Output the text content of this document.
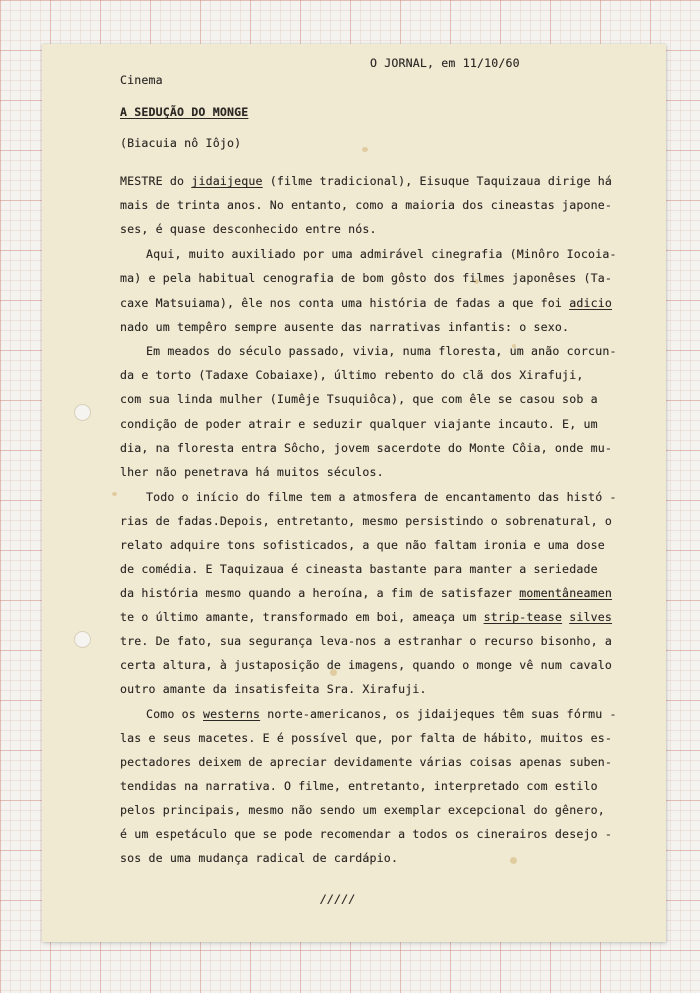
O JORNAL, em 11/10/60

Cinema

A SEDUÇÃO DO MONGE

(Biacuia nô Iôjo)

MESTRE do jidaijeque (filme tradicional), Eisuque Taquizaua dirige há

mais de trinta anos. No entanto, como a maioria dos cineastas japone-

ses, é quase desconhecido entre nós.

Aqui, muito auxiliado por uma admirável cinegrafia (Minôro Iocoia-

ma) e pela habitual cenografia de bom gôsto dos filmes japonêses (Ta-

caxe Matsuiama), êle nos conta uma história de fadas a que foi adicio

nado um tempêro sempre ausente das narrativas infantis: o sexo.

Em meados do século passado, vivia, numa floresta, um anão corcun-

da e torto (Tadaxe Cobaiaxe), último rebento do clã dos Xirafuji,

com sua linda mulher (Iumêje Tsuquiôca), que com êle se casou sob a

condição de poder atrair e seduzir qualquer viajante incauto. E, um

dia, na floresta entra Sôcho, jovem sacerdote do Monte Côia, onde mu-

lher não penetrava há muitos séculos.

Todo o início do filme tem a atmosfera de encantamento das histó -

rias de fadas.Depois, entretanto, mesmo persistindo o sobrenatural, o

relato adquire tons sofisticados, a que não faltam ironia e uma dose

de comédia. E Taquizaua é cineasta bastante para manter a seriedade

da história mesmo quando a heroína, a fim de satisfazer momentâneamen

te o último amante, transformado em boi, ameaça um strip-tease silves

tre. De fato, sua segurança leva-nos a estranhar o recurso bisonho, a

certa altura, à justaposição de imagens, quando o monge vê num cavalo

outro amante da insatisfeita Sra. Xirafuji.

Como os westerns norte-americanos, os jidaijeques têm suas fórmu -

las e seus macetes. E é possível que, por falta de hábito, muitos es-

pectadores deixem de apreciar devidamente várias coisas apenas suben-

tendidas na narrativa. O filme, entretanto, interpretado com estilo

pelos principais, mesmo não sendo um exemplar excepcional do gênero,

é um espetáculo que se pode recomendar a todos os cinerairos desejo -

sos de uma mudança radical de cardápio.

/////
